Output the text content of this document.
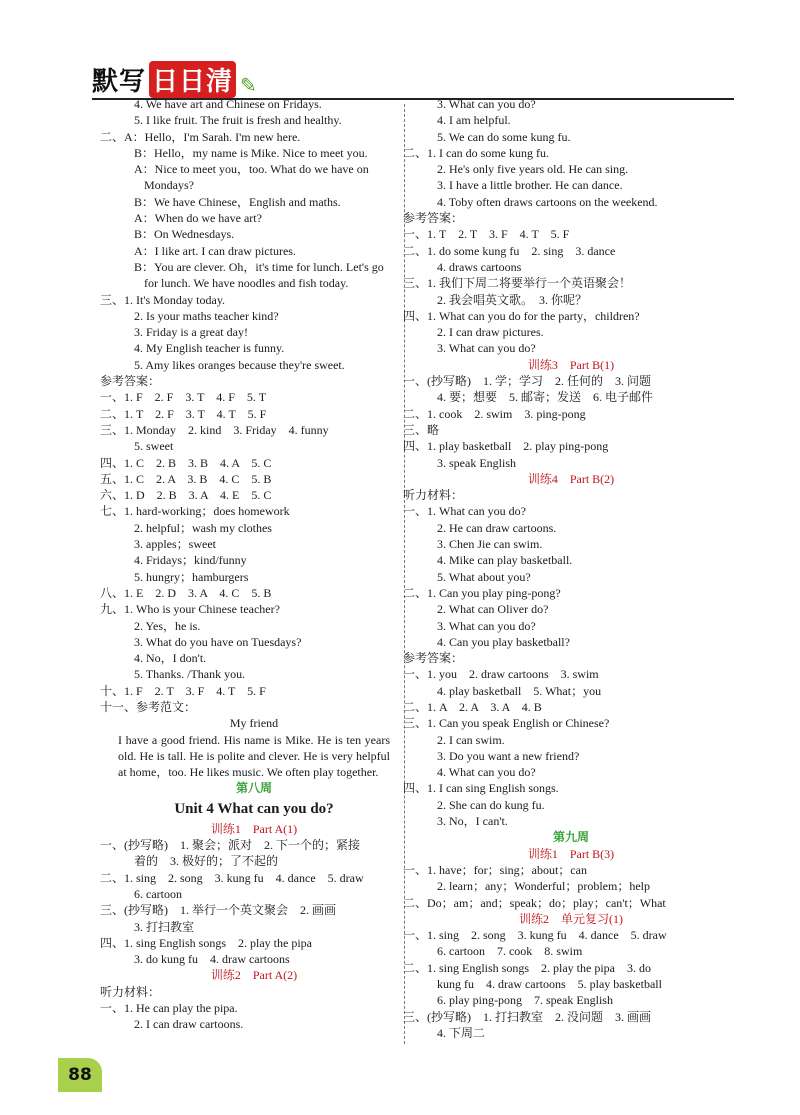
默写 日日清 ✎
4. We have art and Chinese on Fridays.
5. I like fruit. The fruit is fresh and healthy.
二、A：Hello，I'm Sarah. I'm new here.
B：Hello，my name is Mike. Nice to meet you.
A：Nice to meet you，too. What do we have on
Mondays?
B：We have Chinese，English and maths.
A：When do we have art?
B：On Wednesdays.
A：I like art. I can draw pictures.
B：You are clever. Oh，it's time for lunch. Let's go
for lunch. We have noodles and fish today.
三、1. It's Monday today.
2. Is your maths teacher kind?
3. Friday is a great day!
4. My English teacher is funny.
5. Amy likes oranges because they're sweet.
参考答案：
一、1. F　2. F　3. T　4. F　5. T
二、1. T　2. F　3. T　4. T　5. F
三、1. Monday　2. kind　3. Friday　4. funny
5. sweet
四、1. C　2. B　3. B　4. A　5. C
五、1. C　2. A　3. B　4. C　5. B
六、1. D　2. B　3. A　4. E　5. C
七、1. hard-working；does homework
2. helpful；wash my clothes
3. apples；sweet
4. Fridays；kind/funny
5. hungry；hamburgers
八、1. E　2. D　3. A　4. C　5. B
九、1. Who is your Chinese teacher?
2. Yes，he is.
3. What do you have on Tuesdays?
4. No，I don't.
5. Thanks. /Thank you.
十、1. F　2. T　3. F　4. T　5. F
十一、参考范文：
My friend
I have a good friend. His name is Mike. He is ten years old. He is tall. He is polite and clever. He is very helpful at home，too. He likes music. We often play together.
第八周
Unit 4 What can you do?
训练1　Part A(1)
一、(抄写略)　1. 聚会；派对　2. 下一个的；紧接
着的　3. 极好的；了不起的
二、1. sing　2. song　3. kung fu　4. dance　5. draw
6. cartoon
三、(抄写略)　1. 举行一个英文聚会　2. 画画
3. 打扫教室
四、1. sing English songs　2. play the pipa
3. do kung fu　4. draw cartoons
训练2　Part A(2)
听力材料：
一、1. He can play the pipa.
2. I can draw cartoons.
3. What can you do?
4. I am helpful.
5. We can do some kung fu.
二、1. I can do some kung fu.
2. He's only five years old. He can sing.
3. I have a little brother. He can dance.
4. Toby often draws cartoons on the weekend.
参考答案：
一、1. T　2. T　3. F　4. T　5. F
二、1. do some kung fu　2. sing　3. dance
4. draws cartoons
三、1. 我们下周二将要举行一个英语聚会！
2. 我会唱英文歌。　3. 你呢？
四、1. What can you do for the party，children?
2. I can draw pictures.
3. What can you do?
训练3　Part B(1)
一、(抄写略)　1. 学；学习　2. 任何的　3. 问题
4. 要；想要　5. 邮寄；发送　6. 电子邮件
二、1. cook　2. swim　3. ping-pong
三、略
四、1. play basketball　2. play ping-pong
3. speak English
训练4　Part B(2)
听力材料：
一、1. What can you do?
2. He can draw cartoons.
3. Chen Jie can swim.
4. Mike can play basketball.
5. What about you?
二、1. Can you play ping-pong?
2. What can Oliver do?
3. What can you do?
4. Can you play basketball?
参考答案：
一、1. you　2. draw cartoons　3. swim
4. play basketball　5. What；you
二、1. A　2. A　3. A　4. B
三、1. Can you speak English or Chinese?
2. I can swim.
3. Do you want a new friend?
4. What can you do?
四、1. I can sing English songs.
2. She can do kung fu.
3. No，I can't.
第九周
训练1　Part B(3)
一、1. have；for；sing；about；can
2. learn；any；Wonderful；problem；help
二、Do；am；and；speak；do；play；can't；What
训练2　单元复习(1)
一、1. sing　2. song　3. kung fu　4. dance　5. draw
6. cartoon　7. cook　8. swim
二、1. sing English songs　2. play the pipa　3. do
kung fu　4. draw cartoons　5. play basketball
6. play ping-pong　7. speak English
三、(抄写略)　1. 打扫教室　2. 没问题　3. 画画
4. 下周二
88
